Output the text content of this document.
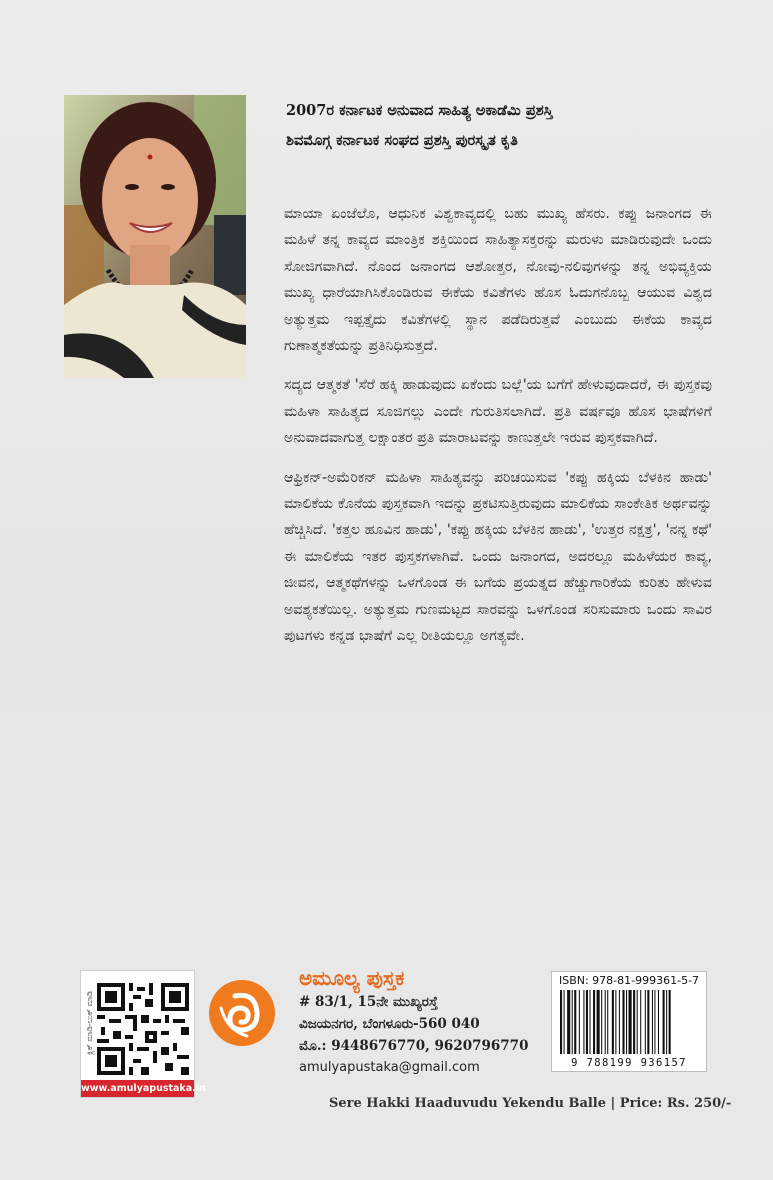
2007ರ ಕರ್ನಾಟಕ ಅನುವಾದ ಸಾಹಿತ್ಯ ಅಕಾಡೆಮಿ ಪ್ರಶಸ್ತಿ
ಶಿವಮೊಗ್ಗ ಕರ್ನಾಟಕ ಸಂಘದ ಪ್ರಶಸ್ತಿ ಪುರಸ್ಕೃತ ಕೃತಿ

ಮಾಯಾ ಏಂಜೆಲೊ, ಆಧುನಿಕ ವಿಶ್ವಕಾವ್ಯದಲ್ಲಿ ಬಹು ಮುಖ್ಯ ಹೆಸರು. ಕಪ್ಪು ಜನಾಂಗದ ಈ ಮಹಿಳೆ ತನ್ನ ಕಾವ್ಯದ ಮಾಂತ್ರಿಕ ಶಕ್ತಿಯಿಂದ ಸಾಹಿತ್ಯಾಸಕ್ತರನ್ನು ಮರುಳು ಮಾಡಿರುವುದೇ ಒಂದು ಸೋಜಿಗವಾಗಿದೆ. ನೊಂದ ಜನಾಂಗದ ಆಶೋತ್ತರ, ನೋವು-ನಲಿವುಗಳನ್ನು ತನ್ನ ಅಭಿವ್ಯಕ್ತಿಯ ಮುಖ್ಯ ಧಾರೆಯಾಗಿಸಿಕೊಂಡಿರುವ ಈಕೆಯ ಕವಿತೆಗಳು ಹೊಸ ಓದುಗನೊಬ್ಬ ಆಯುವ ವಿಶ್ವದ ಅತ್ಯುತ್ತಮ ಇಪ್ಪತ್ತೈದು ಕವಿತೆಗಳಲ್ಲಿ ಸ್ಥಾನ ಪಡೆದಿರುತ್ತವೆ ಎಂಬುದು ಈಕೆಯ ಕಾವ್ಯದ ಗುಣಾತ್ಮಕತೆಯನ್ನು ಪ್ರತಿನಿಧಿಸುತ್ತದೆ.

ಸದ್ಯದ ಆತ್ಮಕತೆ 'ಸೆರೆ ಹಕ್ಕಿ ಹಾಡುವುದು ಏಕೆಂದು ಬಲ್ಲೆ'ಯ ಬಗೆಗೆ ಹೇಳುವುದಾದರೆ, ಈ ಪುಸ್ತಕವು ಮಹಿಳಾ ಸಾಹಿತ್ಯದ ಸೂಜಿಗಲ್ಲು ಎಂದೇ ಗುರುತಿಸಲಾಗಿದೆ. ಪ್ರತಿ ವರ್ಷವೂ ಹೊಸ ಭಾಷೆಗಳಿಗೆ ಅನುವಾದವಾಗುತ್ತ ಲಕ್ಷಾಂತರ ಪ್ರತಿ ಮಾರಾಟವನ್ನು ಕಾಣುತ್ತಲೇ ಇರುವ ಪುಸ್ತಕವಾಗಿದೆ.

ಆಫ್ರಿಕನ್-ಅಮೆರಿಕನ್ ಮಹಿಳಾ ಸಾಹಿತ್ಯವನ್ನು ಪರಿಚಯಿಸುವ 'ಕಪ್ಪು ಹಕ್ಕಿಯ ಬೆಳಕಿನ ಹಾಡು' ಮಾಲಿಕೆಯ ಕೊನೆಯ ಪುಸ್ತಕವಾಗಿ ಇದನ್ನು ಪ್ರಕಟಿಸುತ್ತಿರುವುದು ಮಾಲಿಕೆಯ ಸಾಂಕೇತಿಕ ಅರ್ಥವನ್ನು ಹೆಚ್ಚಿಸಿದೆ. 'ಕತ್ತಲ ಹೂವಿನ ಹಾಡು', 'ಕಪ್ಪು ಹಕ್ಕಿಯ ಬೆಳಕಿನ ಹಾಡು', 'ಉತ್ತರ ನಕ್ಷತ್ರ', 'ನನ್ನ ಕಥೆ' ಈ ಮಾಲಿಕೆಯ ಇತರ ಪುಸ್ತಕಗಳಾಗಿವೆ. ಒಂದು ಜನಾಂಗದ, ಅದರಲ್ಲೂ ಮಹಿಳೆಯರ ಕಾವ್ಯ, ಜೀವನ, ಆತ್ಮಕಥೆಗಳನ್ನು ಒಳಗೊಂಡ ಈ ಬಗೆಯ ಪ್ರಯತ್ನದ ಹೆಚ್ಚುಗಾರಿಕೆಯ ಕುರಿತು ಹೇಳುವ ಅವಶ್ಯಕತೆಯಿಲ್ಲ. ಅತ್ಯುತ್ತಮ ಗುಣಮಟ್ಟದ ಸಾರವನ್ನು ಒಳಗೊಂಡ ಸರಿಸುಮಾರು ಒಂದು ಸಾವಿರ ಪುಟಗಳು ಕನ್ನಡ ಭಾಷೆಗೆ ಎಲ್ಲ ರೀತಿಯಲ್ಲೂ ಅಗತ್ಯವೇ.

ಕ್ಲಿಕ್ ಮಾಡಿ-ಬುಕ್ ಮಾಡಿ
www.amulyapustaka.in
ಅಮೂಲ್ಯ ಪುಸ್ತಕ
# 83/1, 15ನೇ ಮುಖ್ಯರಸ್ತೆ
ವಿಜಯನಗರ, ಬೆಂಗಳೂರು-560 040
ಮೊ.: 9448676770, 9620796770
amulyapustaka@gmail.com
ISBN: 978-81-999361-5-7
9 788199 936157
Sere Hakki Haaduvudu Yekendu Balle | Price: Rs. 250/-
